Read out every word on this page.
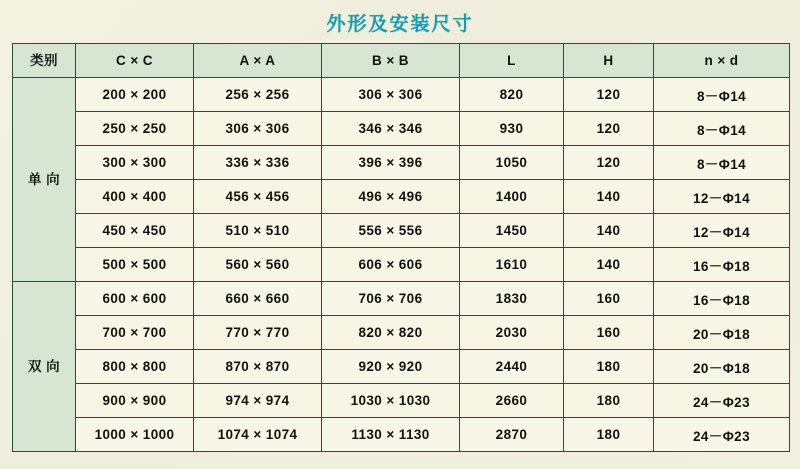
外形及安装尺寸
类别	C × C	A × A	B × B	L	H	n × d

单 向	200 × 200	256 × 256	306 × 306	820	120	8－Φ14
	250 × 250	306 × 306	346 × 346	930	120	8－Φ14
	300 × 300	336 × 336	396 × 396	1050	120	8－Φ14
	400 × 400	456 × 456	496 × 496	1400	140	12－Φ14
	450 × 450	510 × 510	556 × 556	1450	140	12－Φ14
	500 × 500	560 × 560	606 × 606	1610	140	16－Φ18

双 向	600 × 600	660 × 660	706 × 706	1830	160	16－Φ18
	700 × 700	770 × 770	820 × 820	2030	160	20－Φ18
	800 × 800	870 × 870	920 × 920	2440	180	20－Φ18
	900 × 900	974 × 974	1030 × 1030	2660	180	24－Φ23
	1000 × 1000	1074 × 1074	1130 × 1130	2870	180	24－Φ23
